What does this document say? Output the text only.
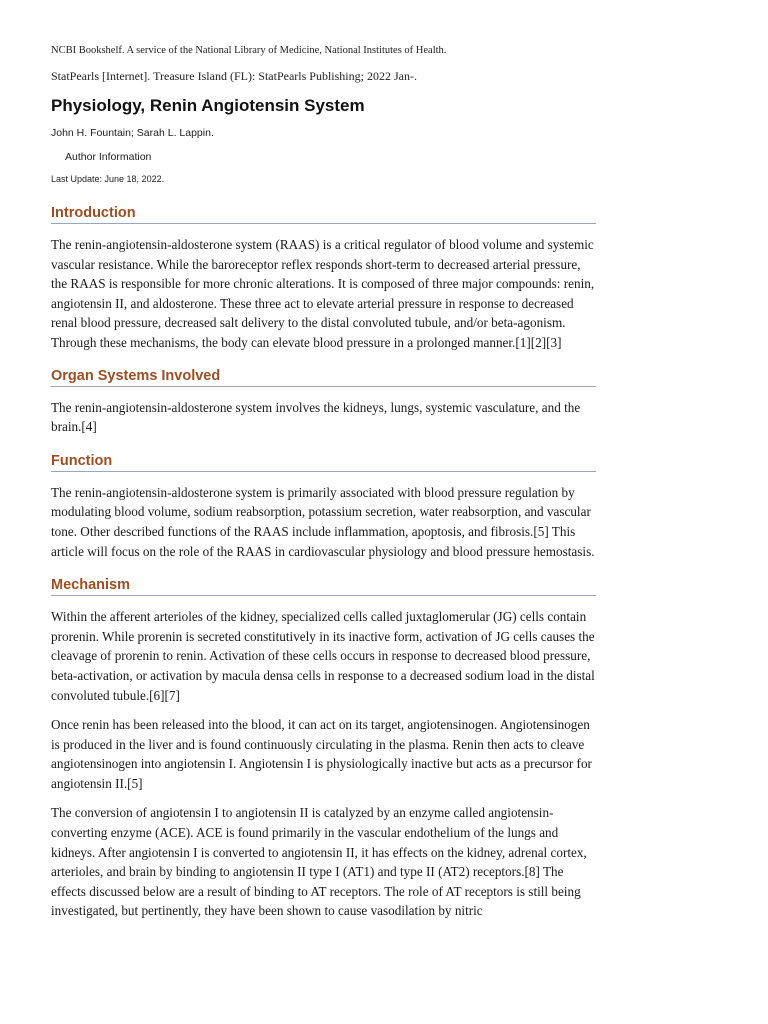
NCBI Bookshelf. A service of the National Library of Medicine, National Institutes of Health.

StatPearls [Internet]. Treasure Island (FL): StatPearls Publishing; 2022 Jan-.

Physiology, Renin Angiotensin System

John H. Fountain; Sarah L. Lappin.

Author Information

Last Update: June 18, 2022.

Introduction

The renin-angiotensin-aldosterone system (RAAS) is a critical regulator of blood volume and systemic vascular resistance. While the baroreceptor reflex responds short-term to decreased arterial pressure, the RAAS is responsible for more chronic alterations. It is composed of three major compounds: renin, angiotensin II, and aldosterone. These three act to elevate arterial pressure in response to decreased renal blood pressure, decreased salt delivery to the distal convoluted tubule, and/or beta-agonism. Through these mechanisms, the body can elevate blood pressure in a prolonged manner.[1][2][3]

Organ Systems Involved

The renin-angiotensin-aldosterone system involves the kidneys, lungs, systemic vasculature, and the brain.[4]

Function

The renin-angiotensin-aldosterone system is primarily associated with blood pressure regulation by modulating blood volume, sodium reabsorption, potassium secretion, water reabsorption, and vascular tone. Other described functions of the RAAS include inflammation, apoptosis, and fibrosis.[5] This article will focus on the role of the RAAS in cardiovascular physiology and blood pressure hemostasis.

Mechanism

Within the afferent arterioles of the kidney, specialized cells called juxtaglomerular (JG) cells contain prorenin. While prorenin is secreted constitutively in its inactive form, activation of JG cells causes the cleavage of prorenin to renin. Activation of these cells occurs in response to decreased blood pressure, beta-activation, or activation by macula densa cells in response to a decreased sodium load in the distal convoluted tubule.[6][7]

Once renin has been released into the blood, it can act on its target, angiotensinogen. Angiotensinogen is produced in the liver and is found continuously circulating in the plasma. Renin then acts to cleave angiotensinogen into angiotensin I. Angiotensin I is physiologically inactive but acts as a precursor for angiotensin II.[5]

The conversion of angiotensin I to angiotensin II is catalyzed by an enzyme called angiotensin-converting enzyme (ACE). ACE is found primarily in the vascular endothelium of the lungs and kidneys. After angiotensin I is converted to angiotensin II, it has effects on the kidney, adrenal cortex, arterioles, and brain by binding to angiotensin II type I (AT1) and type II (AT2) receptors.[8] The effects discussed below are a result of binding to AT receptors. The role of AT receptors is still being investigated, but pertinently, they have been shown to cause vasodilation by nitric
